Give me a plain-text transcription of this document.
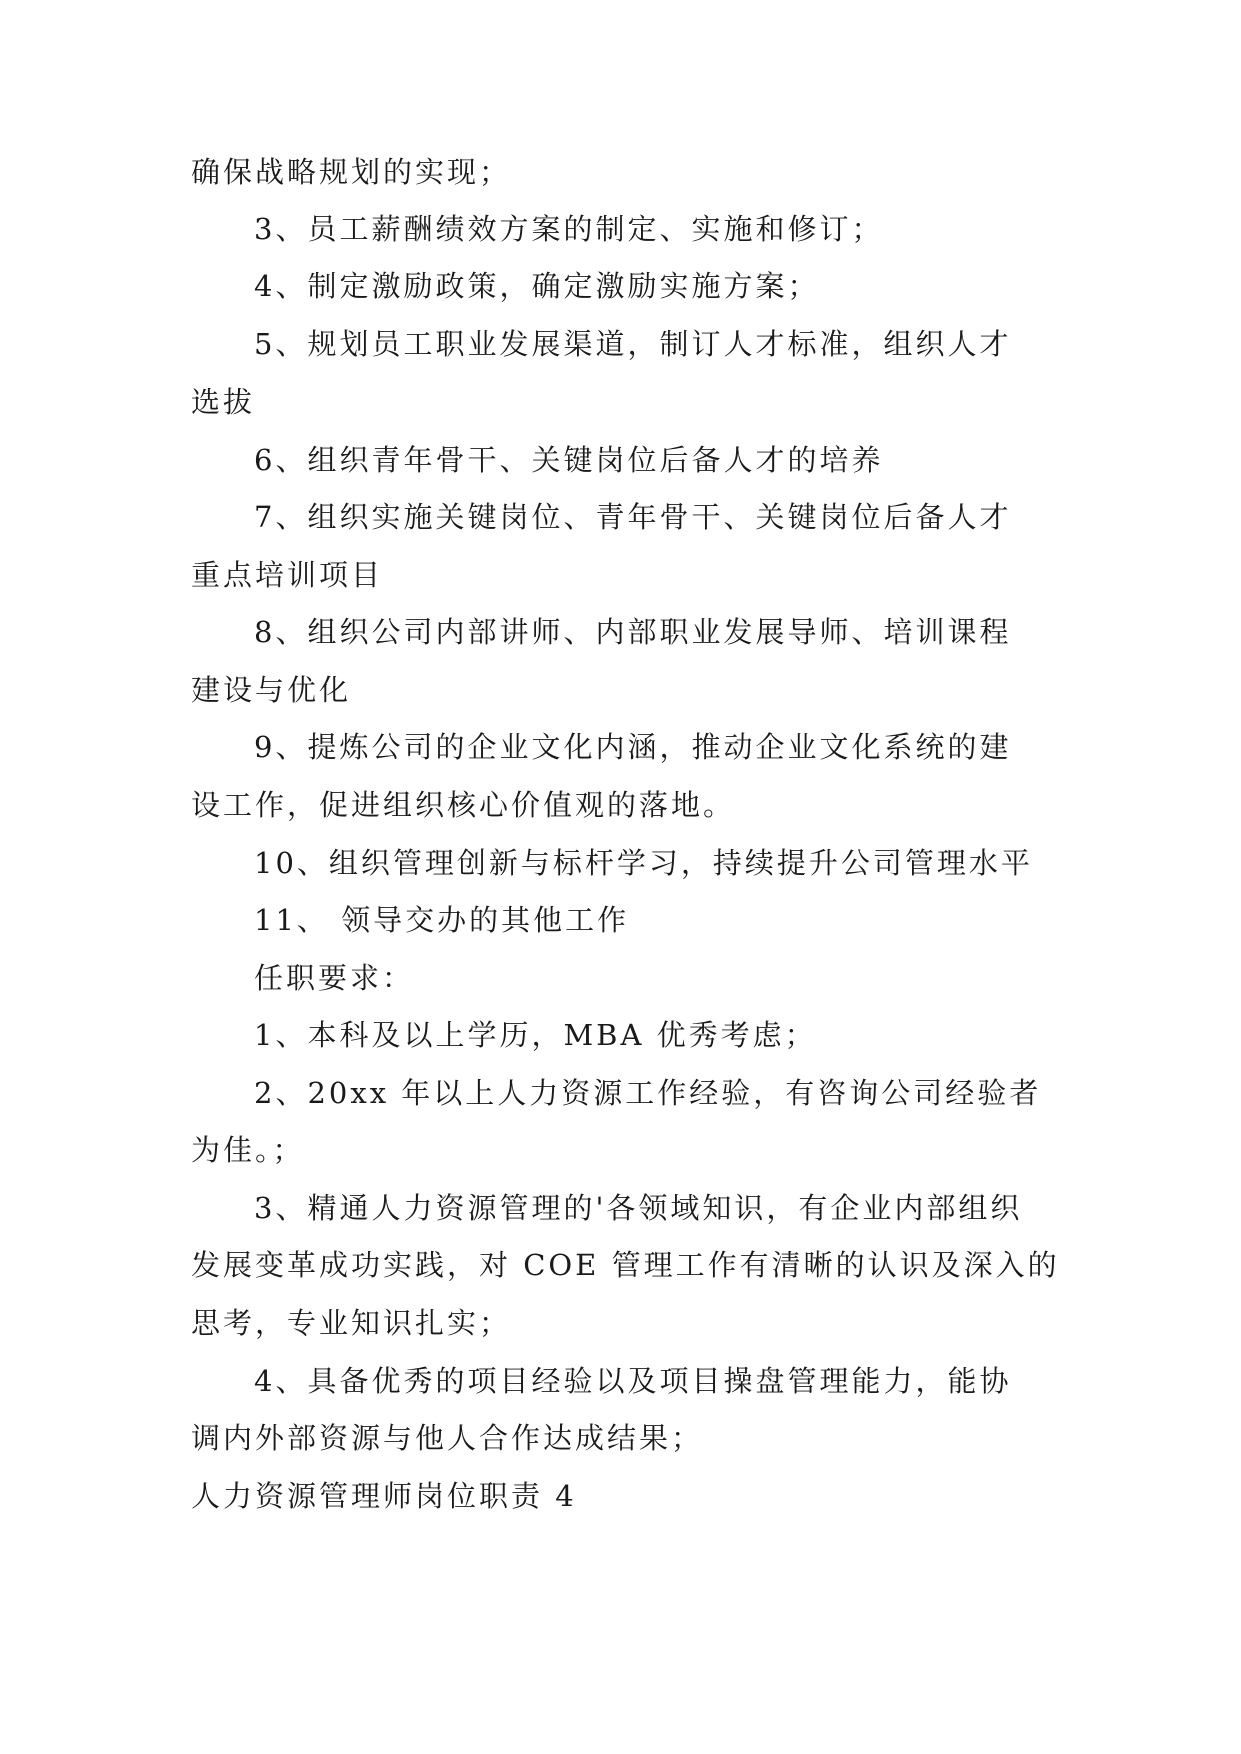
确保战略规划的实现；
3、员工薪酬绩效方案的制定、实施和修订；
4、制定激励政策，确定激励实施方案；
5、规划员工职业发展渠道，制订人才标准，组织人才
选拔
6、组织青年骨干、关键岗位后备人才的培养
7、组织实施关键岗位、青年骨干、关键岗位后备人才
重点培训项目
8、组织公司内部讲师、内部职业发展导师、培训课程
建设与优化
9、提炼公司的企业文化内涵，推动企业文化系统的建
设工作，促进组织核心价值观的落地。
10、组织管理创新与标杆学习，持续提升公司管理水平
11、 领导交办的其他工作
任职要求：
1、本科及以上学历，MBA 优秀考虑；
2、20xx 年以上人力资源工作经验，有咨询公司经验者
为佳。；
3、精通人力资源管理的'各领域知识，有企业内部组织
发展变革成功实践，对 COE 管理工作有清晰的认识及深入的
思考，专业知识扎实；
4、具备优秀的项目经验以及项目操盘管理能力，能协
调内外部资源与他人合作达成结果；
人力资源管理师岗位职责 4
